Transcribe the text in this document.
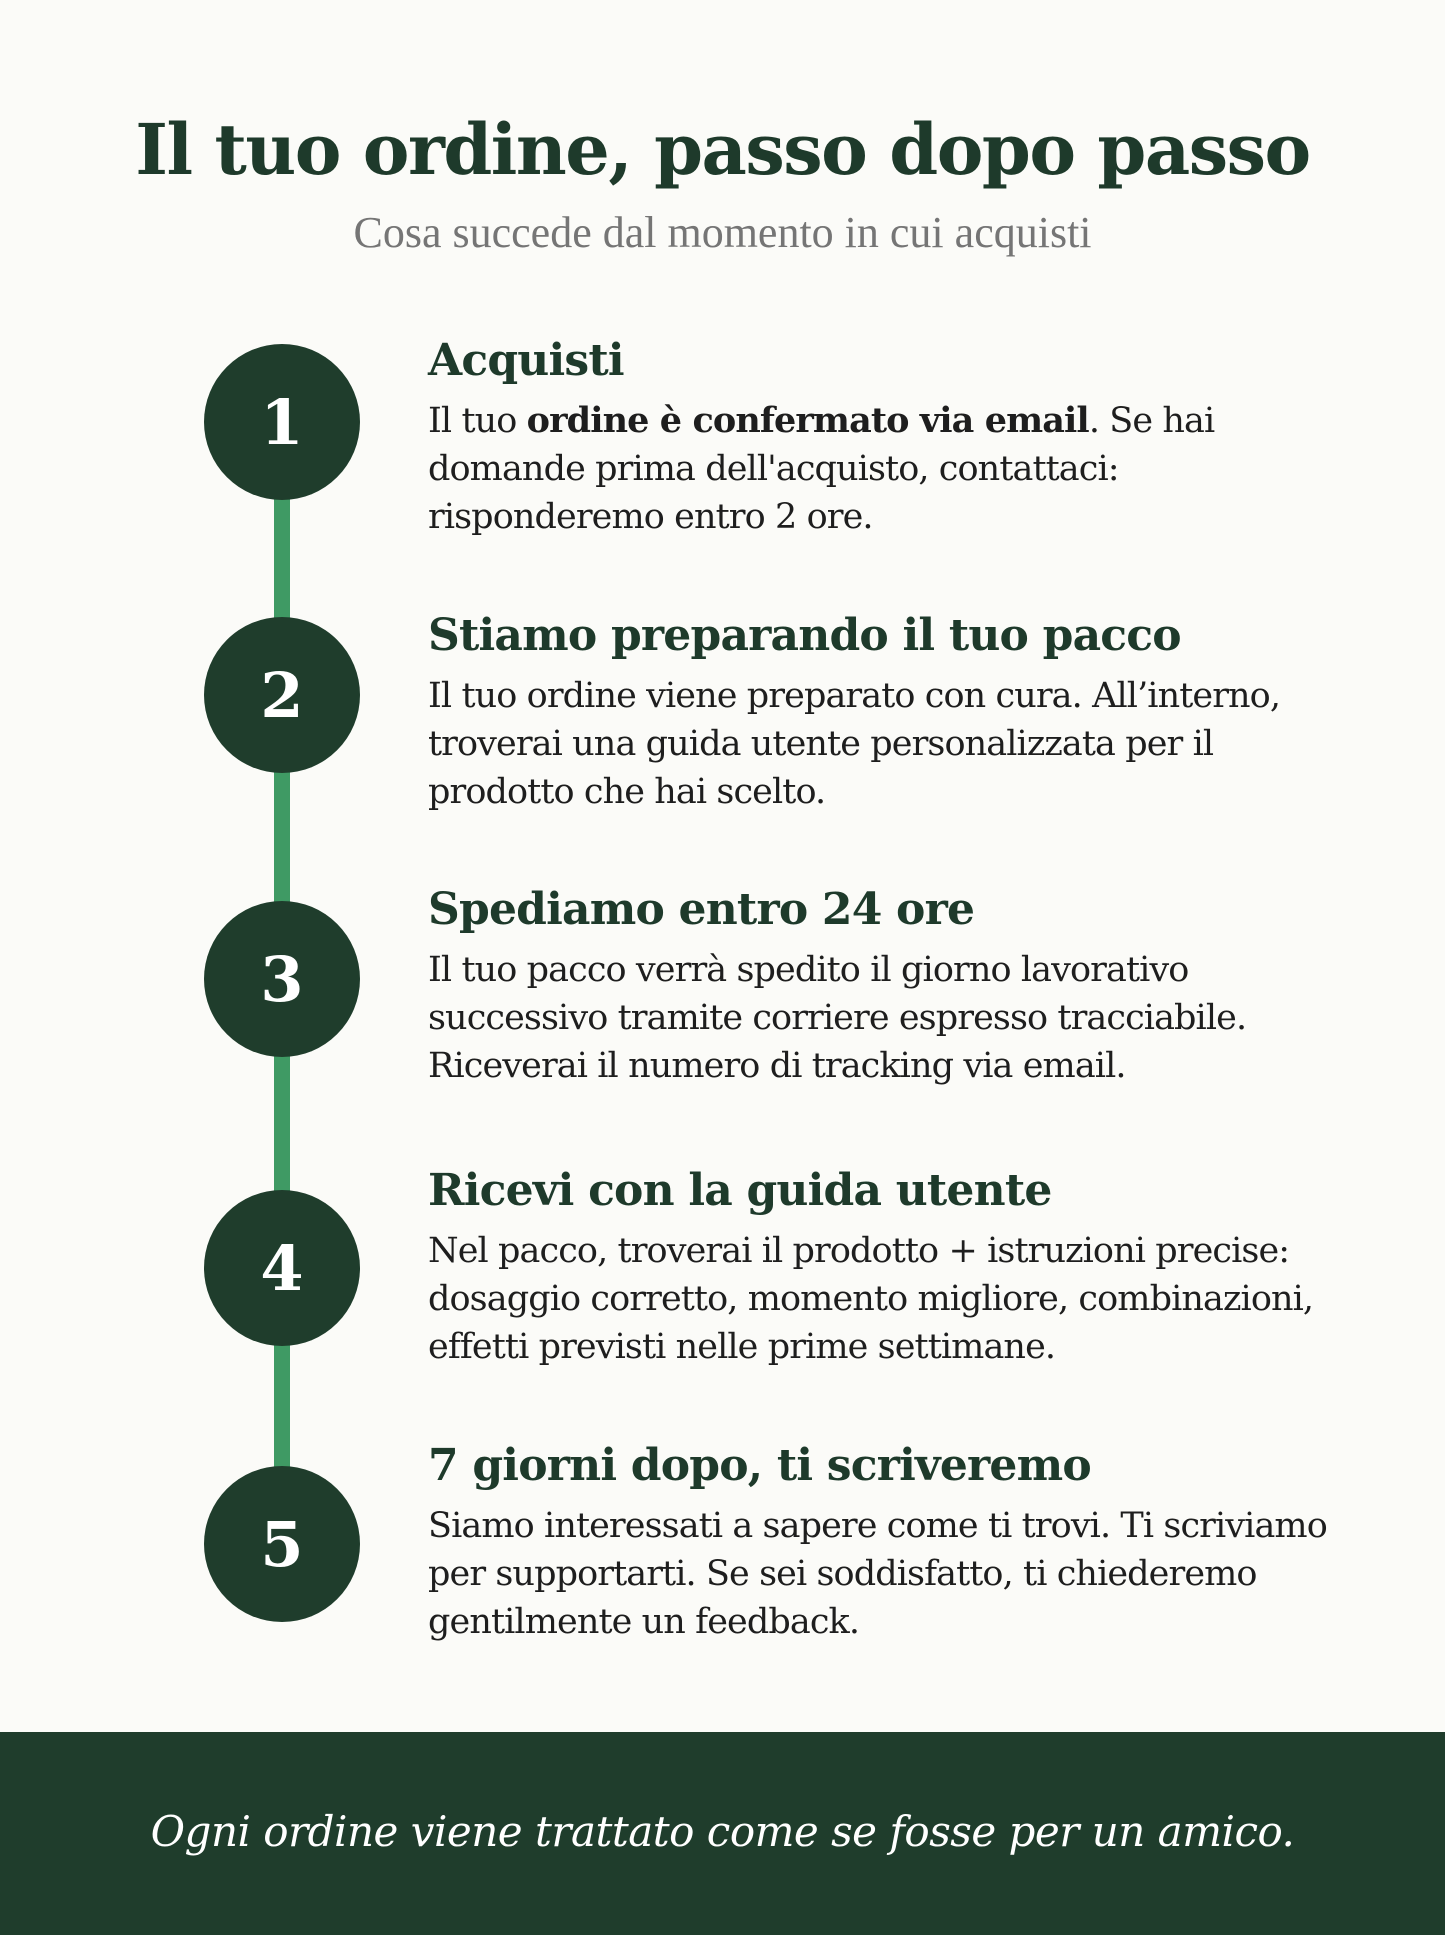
Il tuo ordine, passo dopo passo
Cosa succede dal momento in cui acquisti
1
Acquisti
Il tuo ordine è confermato via email. Se hai domande prima dell'acquisto, contattaci: risponderemo entro 2 ore.
2
Stiamo preparando il tuo pacco
Il tuo ordine viene preparato con cura. All’interno, troverai una guida utente personalizzata per il prodotto che hai scelto.
3
Spediamo entro 24 ore
Il tuo pacco verrà spedito il giorno lavorativo successivo tramite corriere espresso tracciabile. Riceverai il numero di tracking via email.
4
Ricevi con la guida utente
Nel pacco, troverai il prodotto + istruzioni precise: dosaggio corretto, momento migliore, combinazioni, effetti previsti nelle prime settimane.
5
7 giorni dopo, ti scriveremo
Siamo interessati a sapere come ti trovi. Ti scriviamo per supportarti. Se sei soddisfatto, ti chiederemo gentilmente un feedback.
Ogni ordine viene trattato come se fosse per un amico.
